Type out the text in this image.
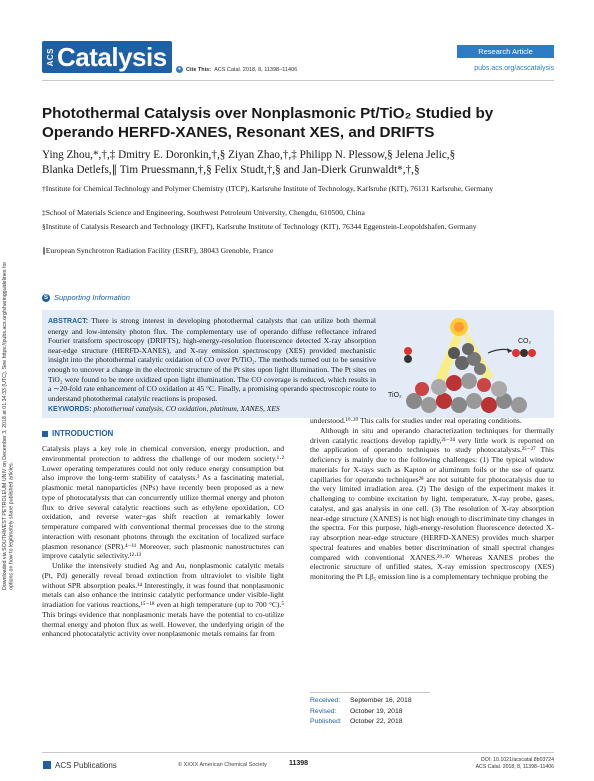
ACS Catalysis	Research Article
● Cite This: ACS Catal. 2018, 8, 11398−11406	pubs.acs.org/acscatalysis
Downloaded via SOUTHWEST PETROLEUM UNIV on December 3, 2018 at 01:34:33 (UTC). See https://pubs.acs.org/sharingguidelines for options on how to legitimately share published articles.
Photothermal Catalysis over Nonplasmonic Pt/TiO₂ Studied by Operando HERFD-XANES, Resonant XES, and DRIFTS
Ying Zhou,*,†,‡ Dmitry E. Doronkin,†,§ Ziyan Zhao,†,‡ Philipp N. Plessow,§ Jelena Jelic,§
Blanka Detlefs,∥ Tim Pruessmann,†,§ Felix Studt,†,§ and Jan-Dierk Grunwaldt*,†,§
†Institute for Chemical Technology and Polymer Chemistry (ITCP), Karlsruhe Institute of Technology, Karlsruhe (KIT), 76131 Karlsruhe, Germany
‡School of Materials Science and Engineering, Southwest Petroleum University, Chengdu, 610500, China
§Institute of Catalysis Research and Technology (IKFT), Karlsruhe Institute of Technology (KIT), 76344 Eggenstein-Leopoldshafen, Germany
∥European Synchrotron Radiation Facility (ESRF), 38043 Grenoble, France
S Supporting Information
ABSTRACT: There is strong interest in developing photothermal catalysts that can utilize both thermal energy and low-intensity photon flux. The complementary use of operando diffuse reflectance infrared Fourier transform spectroscopy (DRIFTS), high-energy-resolution fluorescence detected X-ray absorption near-edge structure (HERFD-XANES), and X-ray emission spectroscopy (XES) provided mechanistic insight into the photothermal catalytic oxidation of CO over Pt/TiO₂. The methods turned out to be sensitive enough to uncover a change in the electronic structure of the Pt sites upon light illumination. The Pt sites on TiO₂ were found to be more oxidized upon light illumination. The CO coverage is reduced, which results in a ∼20-fold rate enhancement of CO oxidation at 45 °C. Finally, a promising operando spectroscopic route to understand photothermal catalytic reactions is proposed.
KEYWORDS: photothermal catalysis, CO oxidation, platinum, XANES, XES
CO₂
TiO₂
INTRODUCTION

Catalysis plays a key role in chemical conversion, energy production, and environmental protection to address the challenge of our modern society.¹·² Lower operating temperatures could not only reduce energy consumption but also improve the long-term stability of catalysts.³ As a fascinating material, plasmonic metal nanoparticles (NPs) have recently been proposed as a new type of photocatalysts that can concurrently utilize thermal energy and photon flux to drive several catalytic reactions such as ethylene epoxidation, CO oxidation, and reverse water−gas shift reaction at remarkably lower temperature compared with conventional thermal processes due to the strong interaction with resonant photons through the excitation of localized surface plasmon resonance (SPR).⁴⁻¹¹ Moreover, such plasmonic nanostructures can improve catalytic selectivity.¹²·¹³

Unlike the intensively studied Ag and Au, nonplasmonic catalytic metals (Pt, Pd) generally reveal broad extinction from ultraviolet to visible light without SPR absorption peaks.¹⁴ Interestingly, it was found that nonplasmonic metals can also enhance the intrinsic catalytic performance under visible-light irradiation for various reactions,¹⁵⁻¹⁸ even at high temperature (up to 700 °C).⁵ This brings evidence that nonplasmonic metals have the potential to co-utilize thermal energy and photon flux as well. However, the underlying origin of the enhanced photocatalytic activity over nonplasmonic metals remains far from

understood.¹⁹·²⁰ This calls for studies under real operating conditions.

Although in situ and operando characterization techniques for thermally driven catalytic reactions develop rapidly,²¹⁻²⁴ very little work is reported on the application of operando techniques to study photocatalysts.²⁵⁻²⁷ This deficiency is mainly due to the following challenges: (1) The typical window materials for X-rays such as Kapton or aluminum foils or the use of quartz capillaries for operando techniques²⁸ are not suitable for photocatalysis due to the very limited irradiation area. (2) The design of the experiment makes it challenging to combine excitation by light, temperature, X-ray probe, gases, catalyst, and gas analysis in one cell. (3) The resolution of X-ray absorption near-edge structure (XANES) is not high enough to discriminate tiny changes in the spectra. For this purpose, high-energy-resolution fluorescence detected X-ray absorption near-edge structure (HERFD-XANES) provides much sharper spectral features and enables better discrimination of small spectral changes compared with conventional XANES.²⁹·³⁰ Whereas XANES probes the electronic structure of unfilled states, X-ray emission spectroscopy (XES) monitoring the Pt Lβ₅ emission line is a complementary technique probing the

Received: September 16, 2018
Revised: October 19, 2018
Published: October 22, 2018
ACS Publications	© XXXX American Chemical Society	11398	DOI: 10.1021/acscatal.8b03724
ACS Catal. 2018, 8, 11398−11406
